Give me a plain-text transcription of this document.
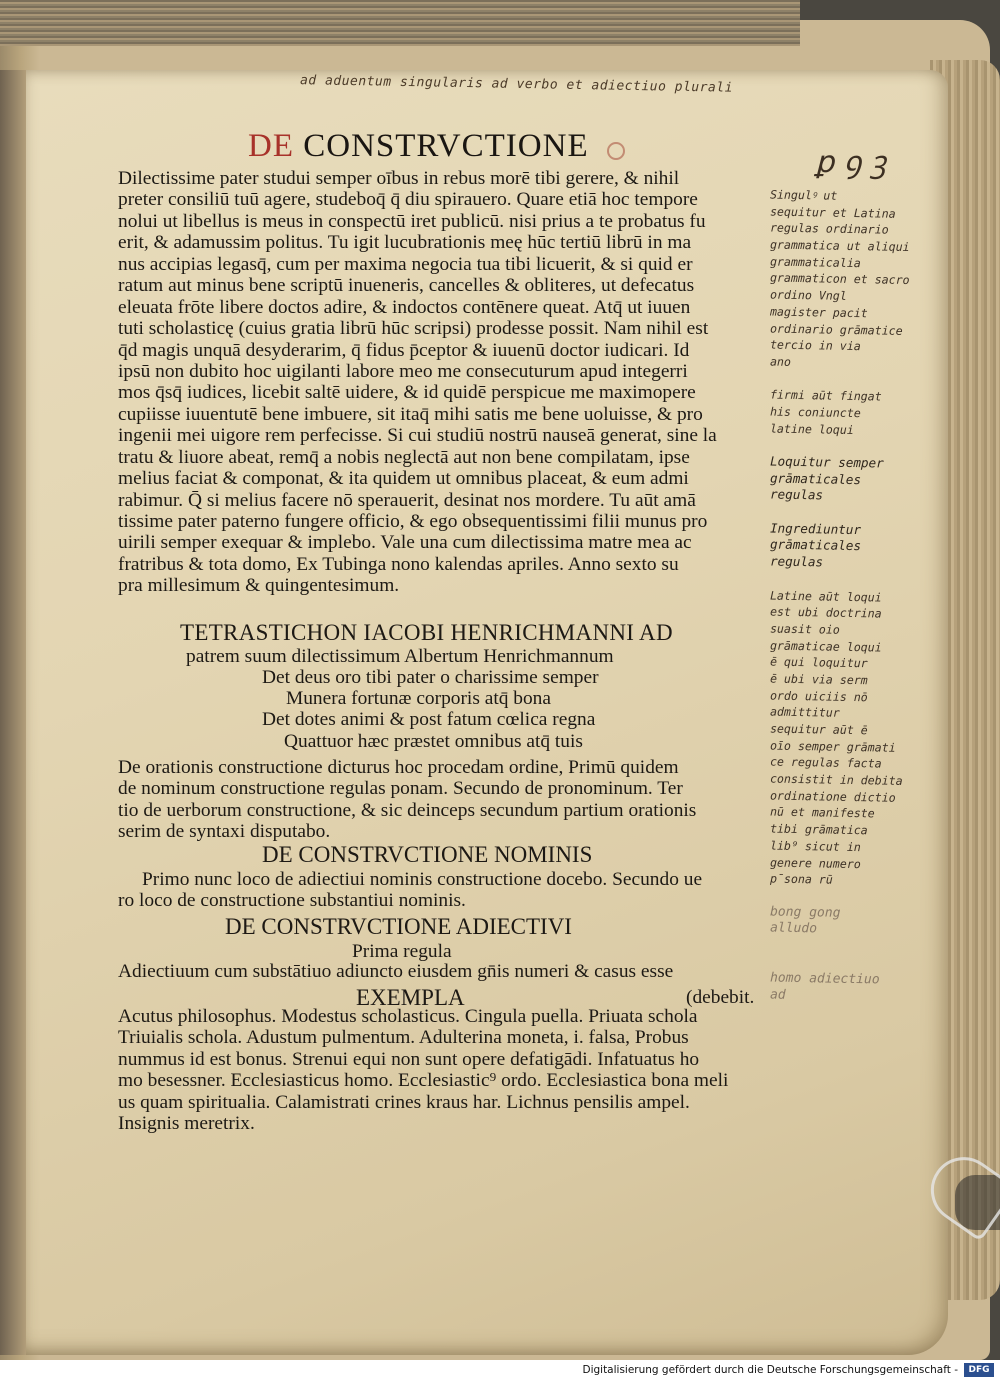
ad aduentum singularis ad verbo et adiectiuo plurali
DE CONSTRVCTIONE
Dilectissime pater studui semper oībus in rebus morē tibi gerere, & nihil
preter consiliū tuū agere, studeboq̄ q̄ diu spirauero. Quare etiā hoc tempore
nolui ut libellus is meus in conspectū iret publicū. nisi prius a te probatus fu
erit, & adamussim politus. Tu igit lucubrationis meę hūc tertiū librū in ma
nus accipias legasq̄, cum per maxima negocia tua tibi licuerit, & si quid er
ratum aut minus bene scriptū inueneris, cancelles & obliteres, ut defecatus
eleuata frōte libere doctos adire, & indoctos contēnere queat. Atq̄ ut iuuen
tuti scholasticę (cuius gratia librū hūc scripsi) prodesse possit. Nam nihil est
q̄d magis unquā desyderarim, q̄ fidus p̄ceptor & iuuenū doctor iudicari. Id
ipsū non dubito hoc uigilanti labore meo me consecuturum apud integerri
mos q̄sq̄ iudices, licebit saltē uidere, & id quidē perspicue me maximopere
cupiisse iuuentutē bene imbuere, sit itaq̄ mihi satis me bene uoluisse, & pro
ingenii mei uigore rem perfecisse. Si cui studiū nostrū nauseā generat, sine la
tratu & liuore abeat, remq̄ a nobis neglectā aut non bene compilatam, ipse
melius faciat & componat, & ita quidem ut omnibus placeat, & eum admi
rabimur. Q̄ si melius facere nō sperauerit, desinat nos mordere. Tu aūt amā
tissime pater paterno fungere officio, & ego obsequentissimi filii munus pro
uirili semper exequar & implebo. Vale una cum dilectissima matre mea ac
fratribus & tota domo, Ex Tubinga nono kalendas apriles. Anno sexto su
pra millesimum & quingentesimum.
TETRASTICHON IACOBI HENRICHMANNI AD
patrem suum dilectissimum Albertum Henrichmannum
Det deus oro tibi pater o charissime semper
Munera fortunæ corporis atq̄ bona
Det dotes animi & post fatum cœlica regna
Quattuor hæc præstet omnibus atq̄ tuis
De orationis constructione dicturus hoc procedam ordine, Primū quidem
de nominum constructione regulas ponam. Secundo de pronominum. Ter
tio de uerborum constructione, & sic deinceps secundum partium orationis
serim de syntaxi disputabo.
DE CONSTRVCTIONE NOMINIS
Primo nunc loco de adiectiui nominis constructione docebo. Secundo ue
ro loco de constructione substantiui nominis.
DE CONSTRVCTIONE ADIECTIVI
Prima regula
Adiectiuum cum substātiuo adiuncto eiusdem gn̄is numeri & casus esse
EXEMPLA	(debebit.
Acutus philosophus. Modestus scholasticus. Cingula puella. Priuata schola
Triuialis schola. Adustum pulmentum. Adulterina moneta, i. falsa, Probus
nummus id est bonus. Strenui equi non sunt opere defatigādi. Infatuatus ho
mo besessner. Ecclesiasticus homo. Ecclesiastic⁹ ordo. Ecclesiastica bona meli
us quam spiritualia. Calamistrati crines kraus har. Lichnus pensilis ampel.
Insignis meretrix.
ꝑ ꝯ ꝫ
Singulꝰ ut
sequitur et Latina
regulas ordinario
grammatica ut aliqui
grammaticalia
grammaticon et sacro
ordino Vngl
magister pacit
ordinario grāmatice
tercio in via
ano
firmi aūt fingat
his coniuncte
latine loqui
Loquitur semper
grāmaticales
regulas
Ingrediuntur
grāmaticales
regulas
Latine aūt loqui
est ubi doctrina
suasit oio
grāmaticae loqui
ē qui loquitur
ē ubi via serm
ordo uiciis nō
admittitur
sequitur aūt ē
oīo semper grāmati
ce regulas facta
consistit in debita
ordinatione dictio
nū et manifeste
tibi grāmatica
lib⁹ sicut in
genere numero
p̄sona rū
bong gong
alludo
homo adiectiuo
ad
Digitalisierung gefördert durch die Deutsche Forschungsgemeinschaft -	DFG
